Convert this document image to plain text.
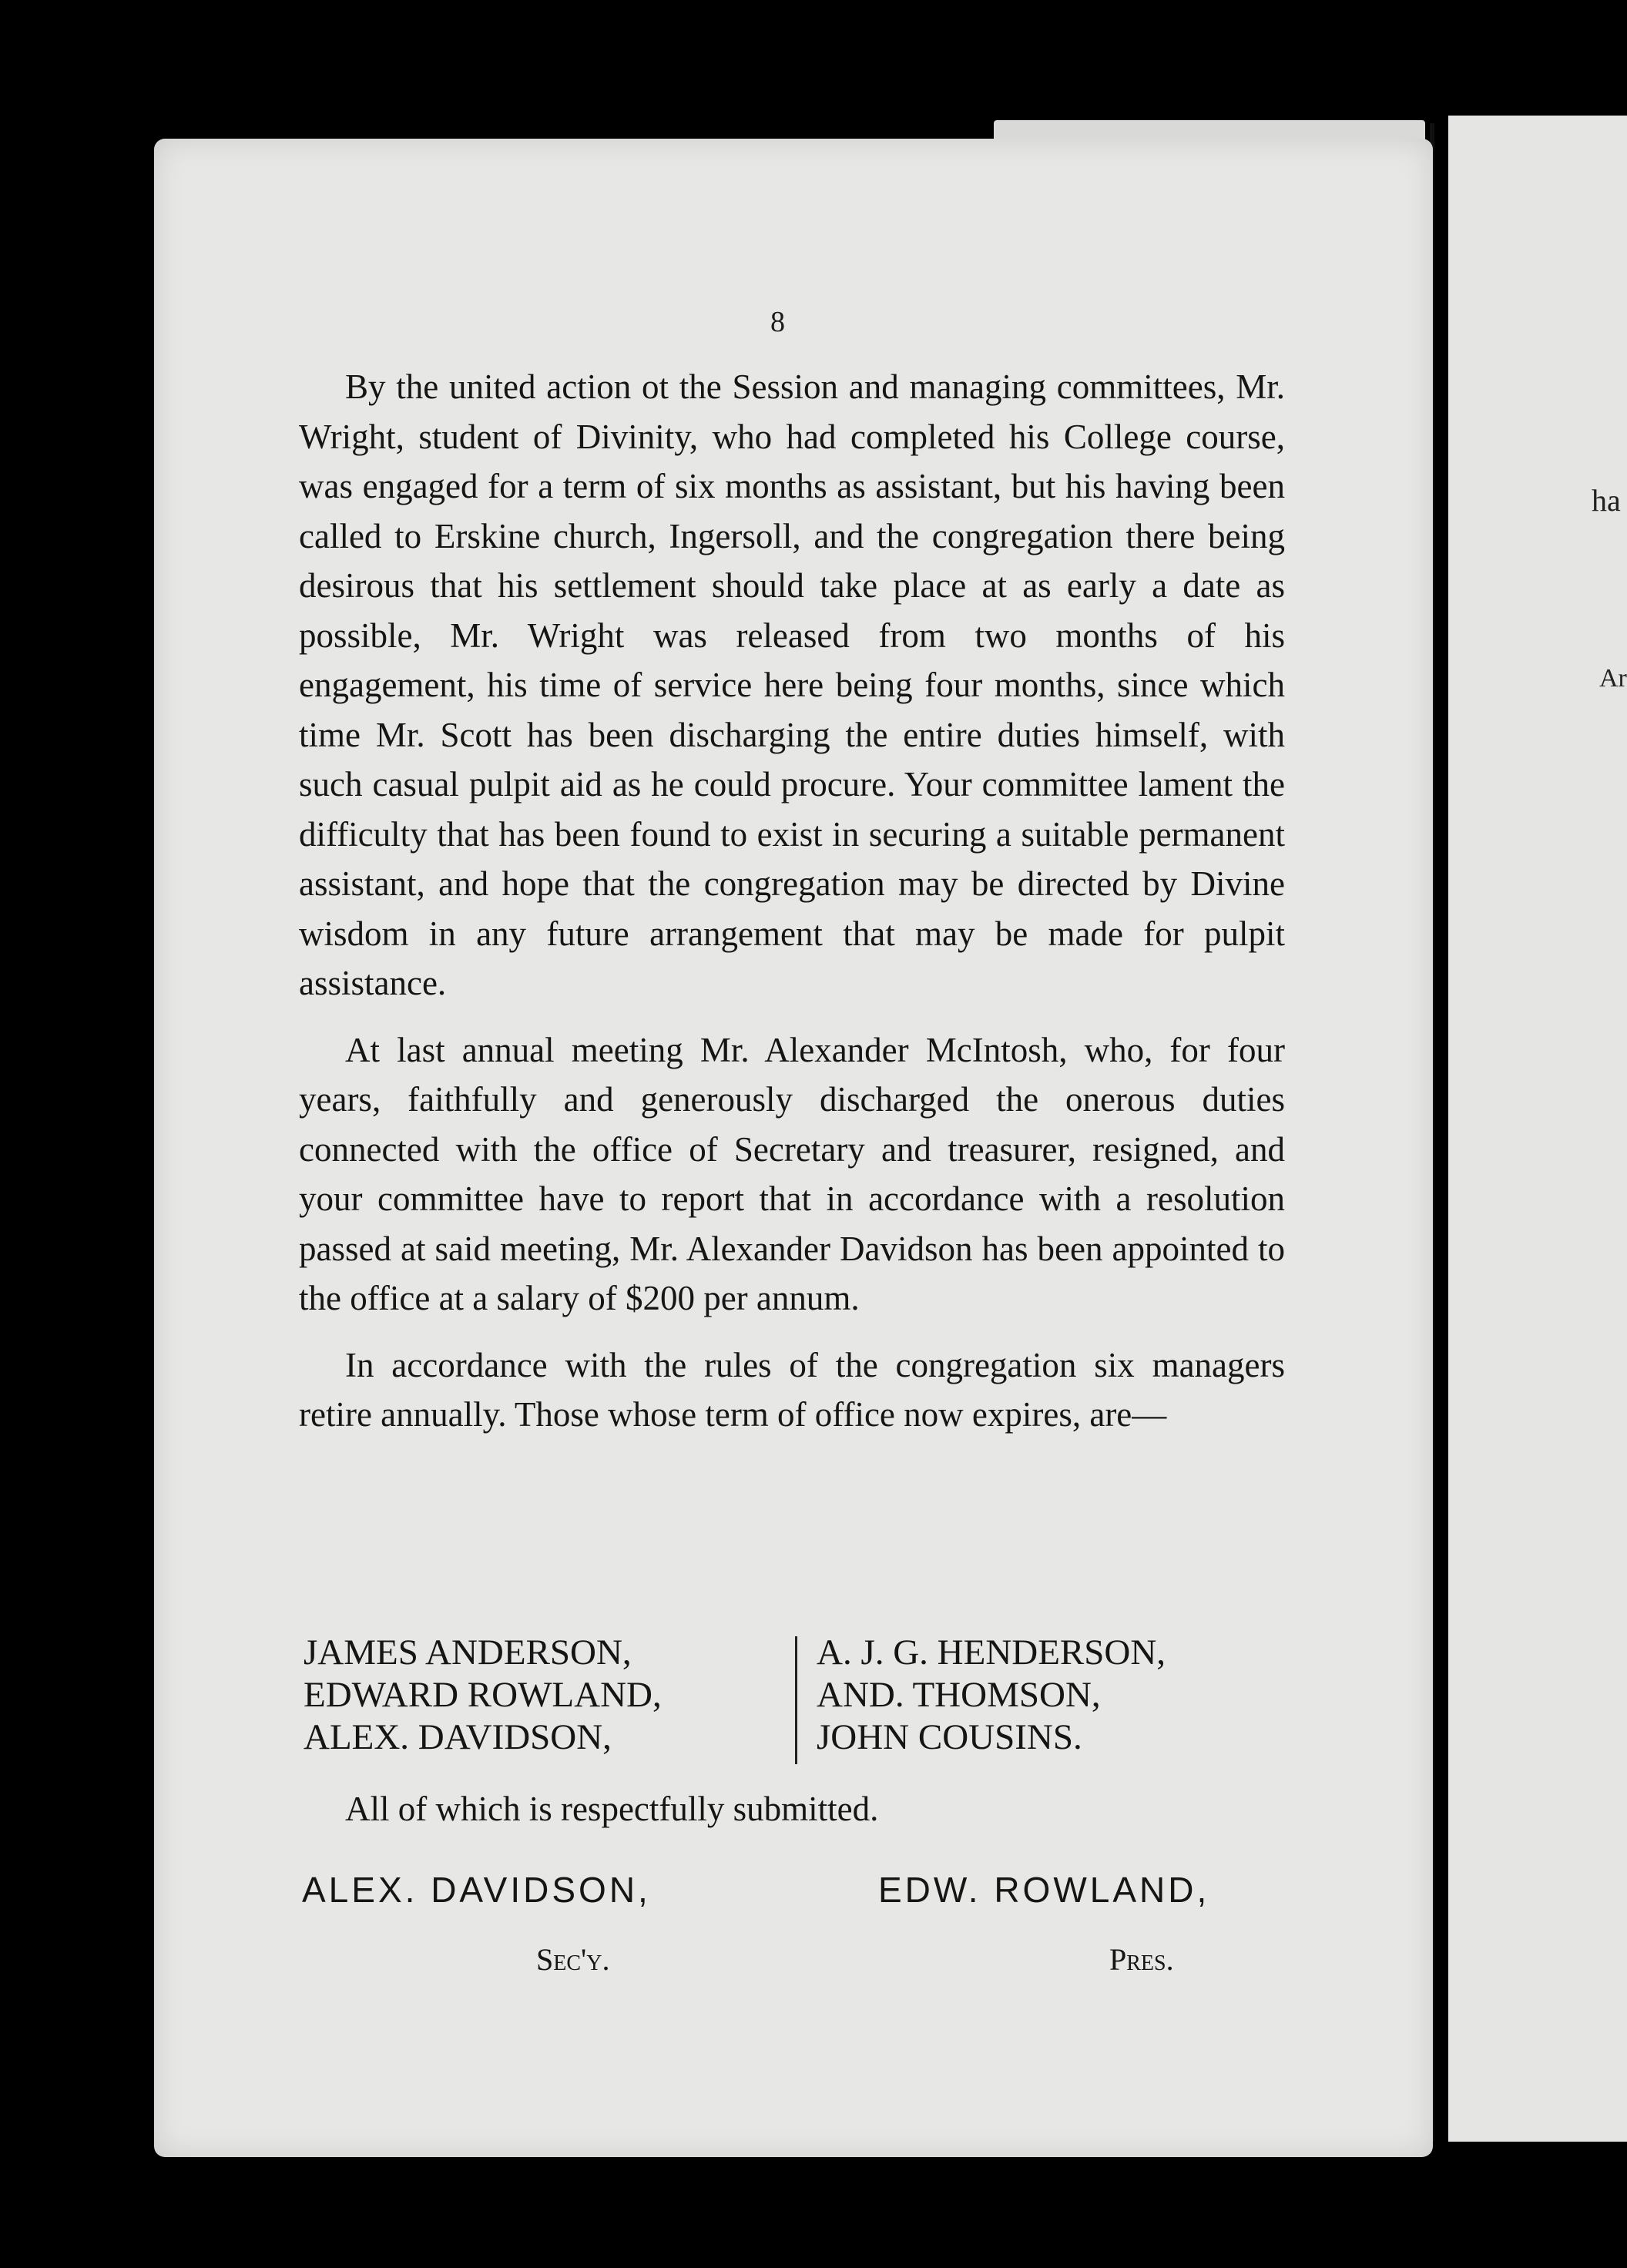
ha
Ar
8

By the united action ot the Session and managing committees, Mr. Wright, student of Divinity, who had completed his College course, was engaged for a term of six months as assistant, but his having been called to Erskine church, Ingersoll, and the congregation there being desirous that his settlement should take place at as early a date as possible, Mr. Wright was released from two months of his engagement, his time of service here being four months, since which time Mr. Scott has been discharging the entire duties himself, with such casual pulpit aid as he could procure. Your committee lament the difficulty that has been found to exist in securing a suitable permanent assistant, and hope that the congregation may be directed by Divine wisdom in any future arrangement that may be made for pulpit assistance.

At last annual meeting Mr. Alexander McIntosh, who, for four years, faithfully and generously discharged the onerous duties connected with the office of Secretary and treasurer, resigned, and your committee have to report that in accordance with a resolution passed at said meeting, Mr. Alexander Davidson has been appointed to the office at a salary of $200 per annum.

In accordance with the rules of the congregation six managers retire annually. Those whose term of office now expires, are—

JAMES ANDERSON,
EDWARD ROWLAND,
ALEX. DAVIDSON,
A. J. G. HENDERSON,
AND. THOMSON,
JOHN COUSINS.
All of which is respectfully submitted.
ALEX. DAVIDSON,
Sec'y.
EDW. ROWLAND,
Pres.
